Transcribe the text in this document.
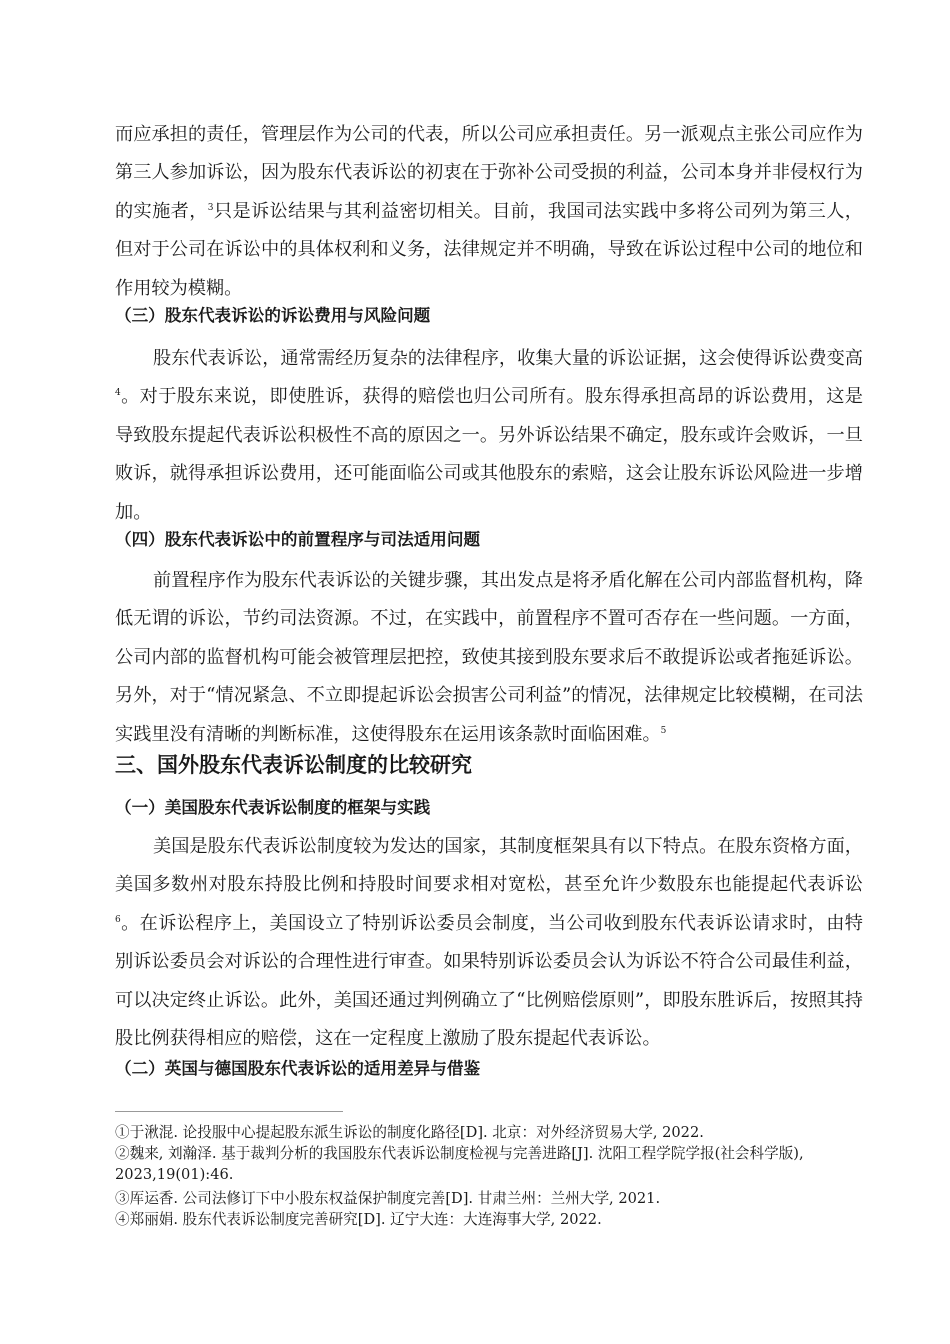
而应承担的责任，管理层作为公司的代表，所以公司应承担责任。另一派观点主张公司应作为第三人参加诉讼，因为股东代表诉讼的初衷在于弥补公司受损的利益，公司本身并非侵权行为的实施者，$^3$只是诉讼结果与其利益密切相关。目前，我国司法实践中多将公司列为第三人，但对于公司在诉讼中的具体权利和义务，法律规定并不明确，导致在诉讼过程中公司的地位和作用较为模糊。

（三）股东代表诉讼的诉讼费用与风险问题

股东代表诉讼，通常需经历复杂的法律程序，收集大量的诉讼证据，这会使得诉讼费变高$^4$。对于股东来说，即使胜诉，获得的赔偿也归公司所有。股东得承担高昂的诉讼费用，这是导致股东提起代表诉讼积极性不高的原因之一。另外诉讼结果不确定，股东或许会败诉，一旦败诉，就得承担诉讼费用，还可能面临公司或其他股东的索赔，这会让股东诉讼风险进一步增加。

（四）股东代表诉讼中的前置程序与司法适用问题

前置程序作为股东代表诉讼的关键步骤，其出发点是将矛盾化解在公司内部监督机构，降低无谓的诉讼，节约司法资源。不过，在实践中，前置程序不置可否存在一些问题。一方面，公司内部的监督机构可能会被管理层把控，致使其接到股东要求后不敢提诉讼或者拖延诉讼。另外，对于“情况紧急、不立即提起诉讼会损害公司利益”的情况，法律规定比较模糊，在司法实践里没有清晰的判断标准，这使得股东在运用该条款时面临困难。$^5$

三、国外股东代表诉讼制度的比较研究
（一）美国股东代表诉讼制度的框架与实践

美国是股东代表诉讼制度较为发达的国家，其制度框架具有以下特点。在股东资格方面，美国多数州对股东持股比例和持股时间要求相对宽松，甚至允许少数股东也能提起代表诉讼$^6$。在诉讼程序上，美国设立了特别诉讼委员会制度，当公司收到股东代表诉讼请求时，由特别诉讼委员会对诉讼的合理性进行审查。如果特别诉讼委员会认为诉讼不符合公司最佳利益，可以决定终止诉讼。此外，美国还通过判例确立了“比例赔偿原则”，即股东胜诉后，按照其持股比例获得相应的赔偿，这在一定程度上激励了股东提起代表诉讼。

（二）英国与德国股东代表诉讼的适用差异与借鉴

①于湫混. 论投服中心提起股东派生诉讼的制度化路径[D]. 北京：对外经济贸易大学, 2022.

②魏来, 刘瀚泽. 基于裁判分析的我国股东代表诉讼制度检视与完善进路[J]. 沈阳工程学院学报(社会科学版), 2023,19(01):46.

③厍运香. 公司法修订下中小股东权益保护制度完善[D]. 甘肃兰州：兰州大学, 2021.

④郑丽娟. 股东代表诉讼制度完善研究[D]. 辽宁大连：大连海事大学, 2022.
